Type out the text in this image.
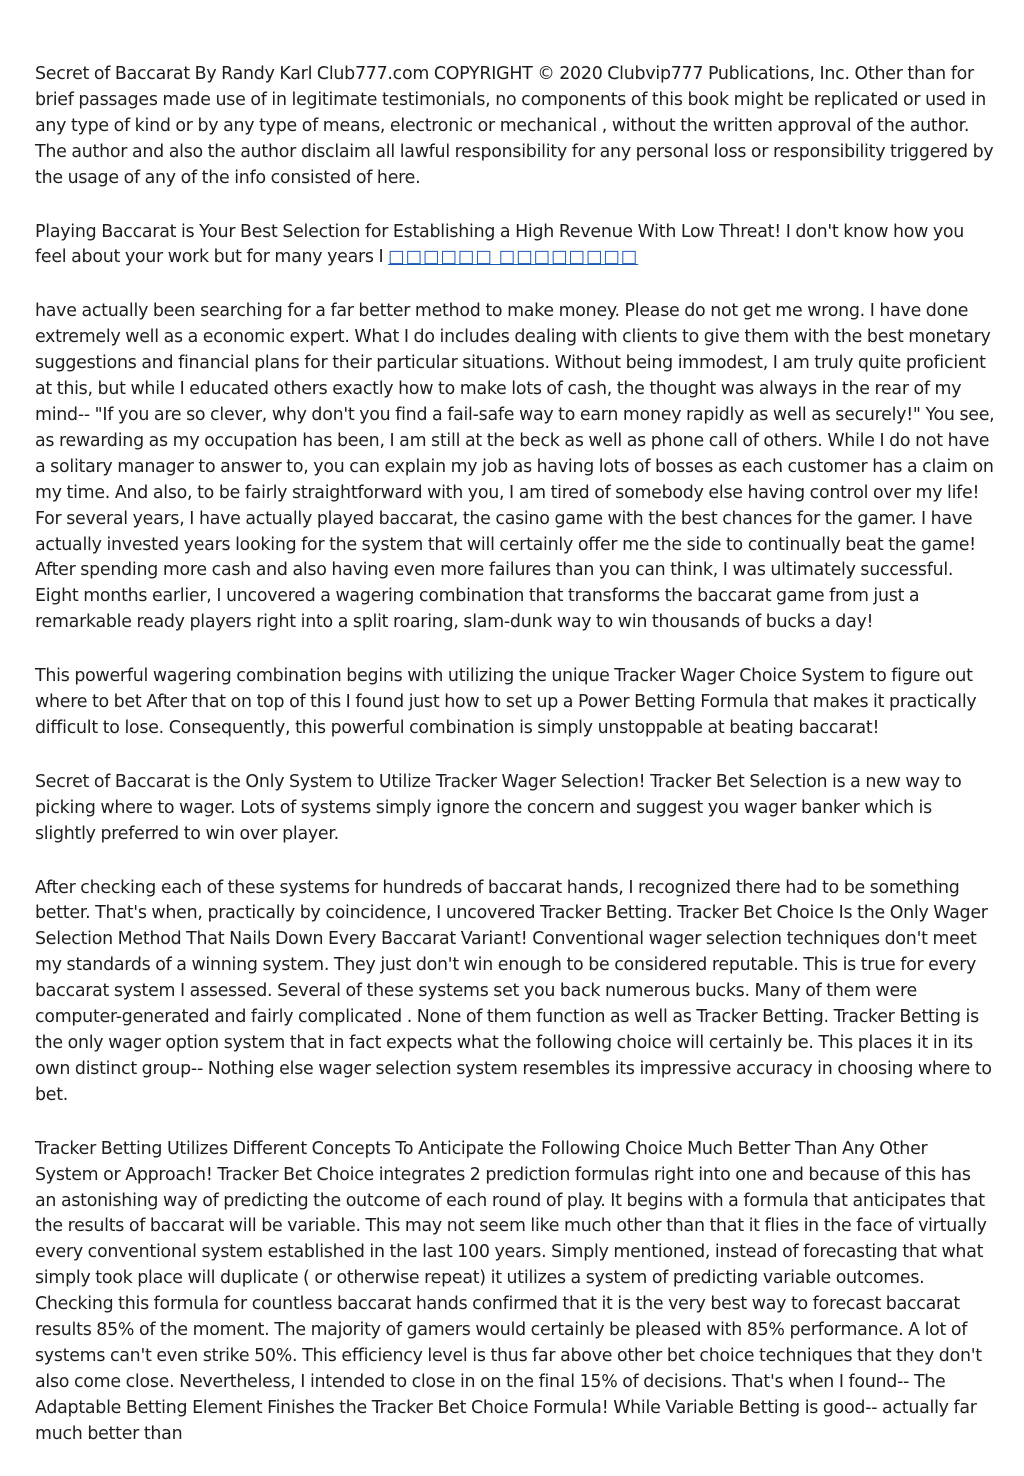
Secret of Baccarat By Randy Karl Club777.com COPYRIGHT © 2020 Clubvip777 Publications, Inc. Other than for brief passages made use of in legitimate testimonials, no components of this book might be replicated or used in any type of kind or by any type of means, electronic or mechanical , without the written approval of the author. The author and also the author disclaim all lawful responsibility for any personal loss or responsibility triggered by the usage of any of the info consisted of here.

Playing Baccarat is Your Best Selection for Establishing a High Revenue With Low Threat! I don't know how you feel about your work but for many years I □□□□□□ □□□□□□□□

have actually been searching for a far better method to make money. Please do not get me wrong. I have done extremely well as a economic expert. What I do includes dealing with clients to give them with the best monetary suggestions and financial plans for their particular situations. Without being immodest, I am truly quite proficient at this, but while I educated others exactly how to make lots of cash, the thought was always in the rear of my mind-- "If you are so clever, why don't you find a fail-safe way to earn money rapidly as well as securely!" You see, as rewarding as my occupation has been, I am still at the beck as well as phone call of others. While I do not have a solitary manager to answer to, you can explain my job as having lots of bosses as each customer has a claim on my time. And also, to be fairly straightforward with you, I am tired of somebody else having control over my life! For several years, I have actually played baccarat, the casino game with the best chances for the gamer. I have actually invested years looking for the system that will certainly offer me the side to continually beat the game! After spending more cash and also having even more failures than you can think, I was ultimately successful. Eight months earlier, I uncovered a wagering combination that transforms the baccarat game from just a remarkable ready players right into a split roaring, slam-dunk way to win thousands of bucks a day!

This powerful wagering combination begins with utilizing the unique Tracker Wager Choice System to figure out where to bet After that on top of this I found just how to set up a Power Betting Formula that makes it practically difficult to lose. Consequently, this powerful combination is simply unstoppable at beating baccarat!

Secret of Baccarat is the Only System to Utilize Tracker Wager Selection! Tracker Bet Selection is a new way to picking where to wager. Lots of systems simply ignore the concern and suggest you wager banker which is slightly preferred to win over player.

After checking each of these systems for hundreds of baccarat hands, I recognized there had to be something better. That's when, practically by coincidence, I uncovered Tracker Betting. Tracker Bet Choice Is the Only Wager Selection Method That Nails Down Every Baccarat Variant! Conventional wager selection techniques don't meet my standards of a winning system. They just don't win enough to be considered reputable. This is true for every baccarat system I assessed. Several of these systems set you back numerous bucks. Many of them were computer-generated and fairly complicated . None of them function as well as Tracker Betting. Tracker Betting is the only wager option system that in fact expects what the following choice will certainly be. This places it in its own distinct group-- Nothing else wager selection system resembles its impressive accuracy in choosing where to bet.

Tracker Betting Utilizes Different Concepts To Anticipate the Following Choice Much Better Than Any Other System or Approach! Tracker Bet Choice integrates 2 prediction formulas right into one and because of this has an astonishing way of predicting the outcome of each round of play. It begins with a formula that anticipates that the results of baccarat will be variable. This may not seem like much other than that it flies in the face of virtually every conventional system established in the last 100 years. Simply mentioned, instead of forecasting that what simply took place will duplicate ( or otherwise repeat) it utilizes a system of predicting variable outcomes. Checking this formula for countless baccarat hands confirmed that it is the very best way to forecast baccarat results 85% of the moment. The majority of gamers would certainly be pleased with 85% performance. A lot of systems can't even strike 50%. This efficiency level is thus far above other bet choice techniques that they don't also come close. Nevertheless, I intended to close in on the final 15% of decisions. That's when I found-- The Adaptable Betting Element Finishes the Tracker Bet Choice Formula! While Variable Betting is good-- actually far much better than
